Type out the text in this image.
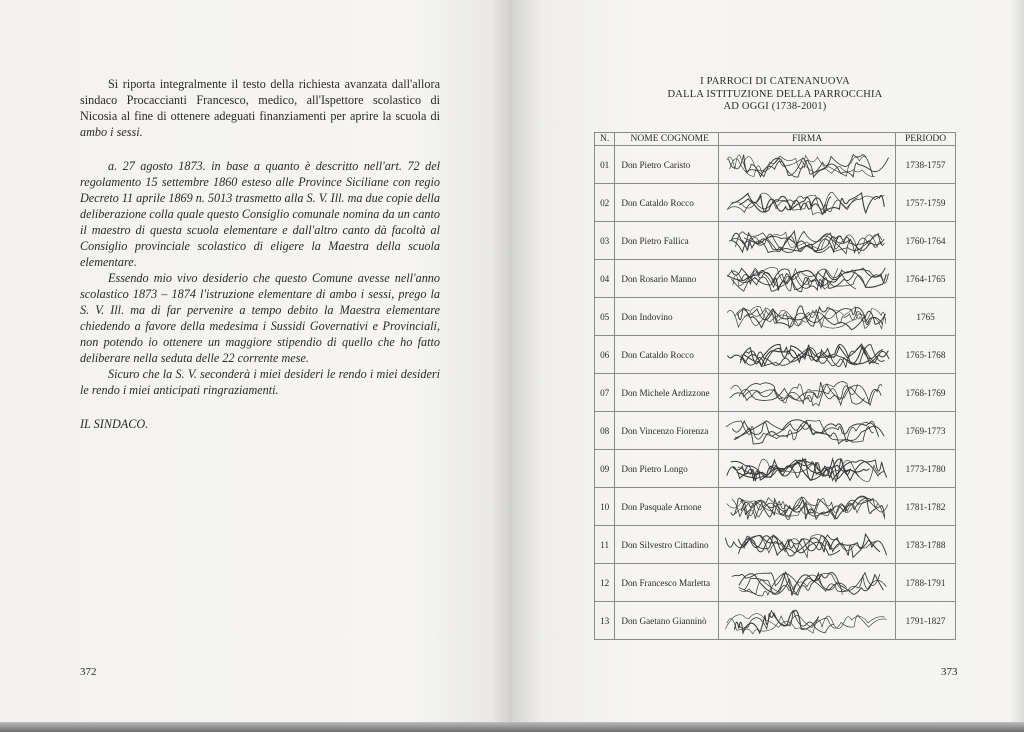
Si riporta integralmente il testo della richiesta avanzata dall'allora sindaco Procaccianti Francesco, medico, all'Ispettore scolastico di Nicosia al fine di ottenere adeguati finanziamenti per aprire la scuola di ambo i sessi.

a. 27 agosto 1873. in base a quanto è descritto nell'art. 72 del regolamento 15 settembre 1860 esteso alle Province Siciliane con regio Decreto 11 aprile 1869 n. 5013 trasmetto alla S. V. Ill. ma due copie della deliberazione colla quale questo Consiglio comunale nomina da un canto il maestro di questa scuola elementare e dall'altro canto dà facoltà al Consiglio provinciale scolastico di eligere la Maestra della scuola elementare.

Essendo mio vivo desiderio che questo Comune avesse nell'anno scolastico 1873 – 1874 l'istruzione elementare di ambo i sessi, prego la S. V. Ill. ma di far pervenire a tempo debito la Maestra elementare chiedendo a favore della medesima i Sussidi Governativi e Provinciali, non potendo io ottenere un maggiore stipendio di quello che ho fatto deliberare nella seduta delle 22 corrente mese.

Sicuro che la S. V. seconderà i miei desideri le rendo i miei desideri le rendo i miei anticipati ringraziamenti.

IL SINDACO.

372
I PARROCI DI CATENANUOVA
DALLA ISTITUZIONE DELLA PARROCCHIA
AD OGGI (1738-2001)
N.	NOME COGNOME	FIRMA	PERIODO
01	Don Pietro Caristo		1738-1757
02	Don Cataldo Rocco		1757-1759
03	Don Pietro Fallica		1760-1764
04	Don Rosario Manno		1764-1765
05	Don Indovino		1765
06	Don Cataldo Rocco		1765-1768
07	Don Michele Ardizzone		1768-1769
08	Don Vincenzo Fiorenza		1769-1773
09	Don Pietro Longo		1773-1780
10	Don Pasquale Arnone		1781-1782
11	Don Silvestro Cittadino		1783-1788
12	Don Francesco Marletta		1788-1791
13	Don Gaetano Gianninò		1791-1827
373
